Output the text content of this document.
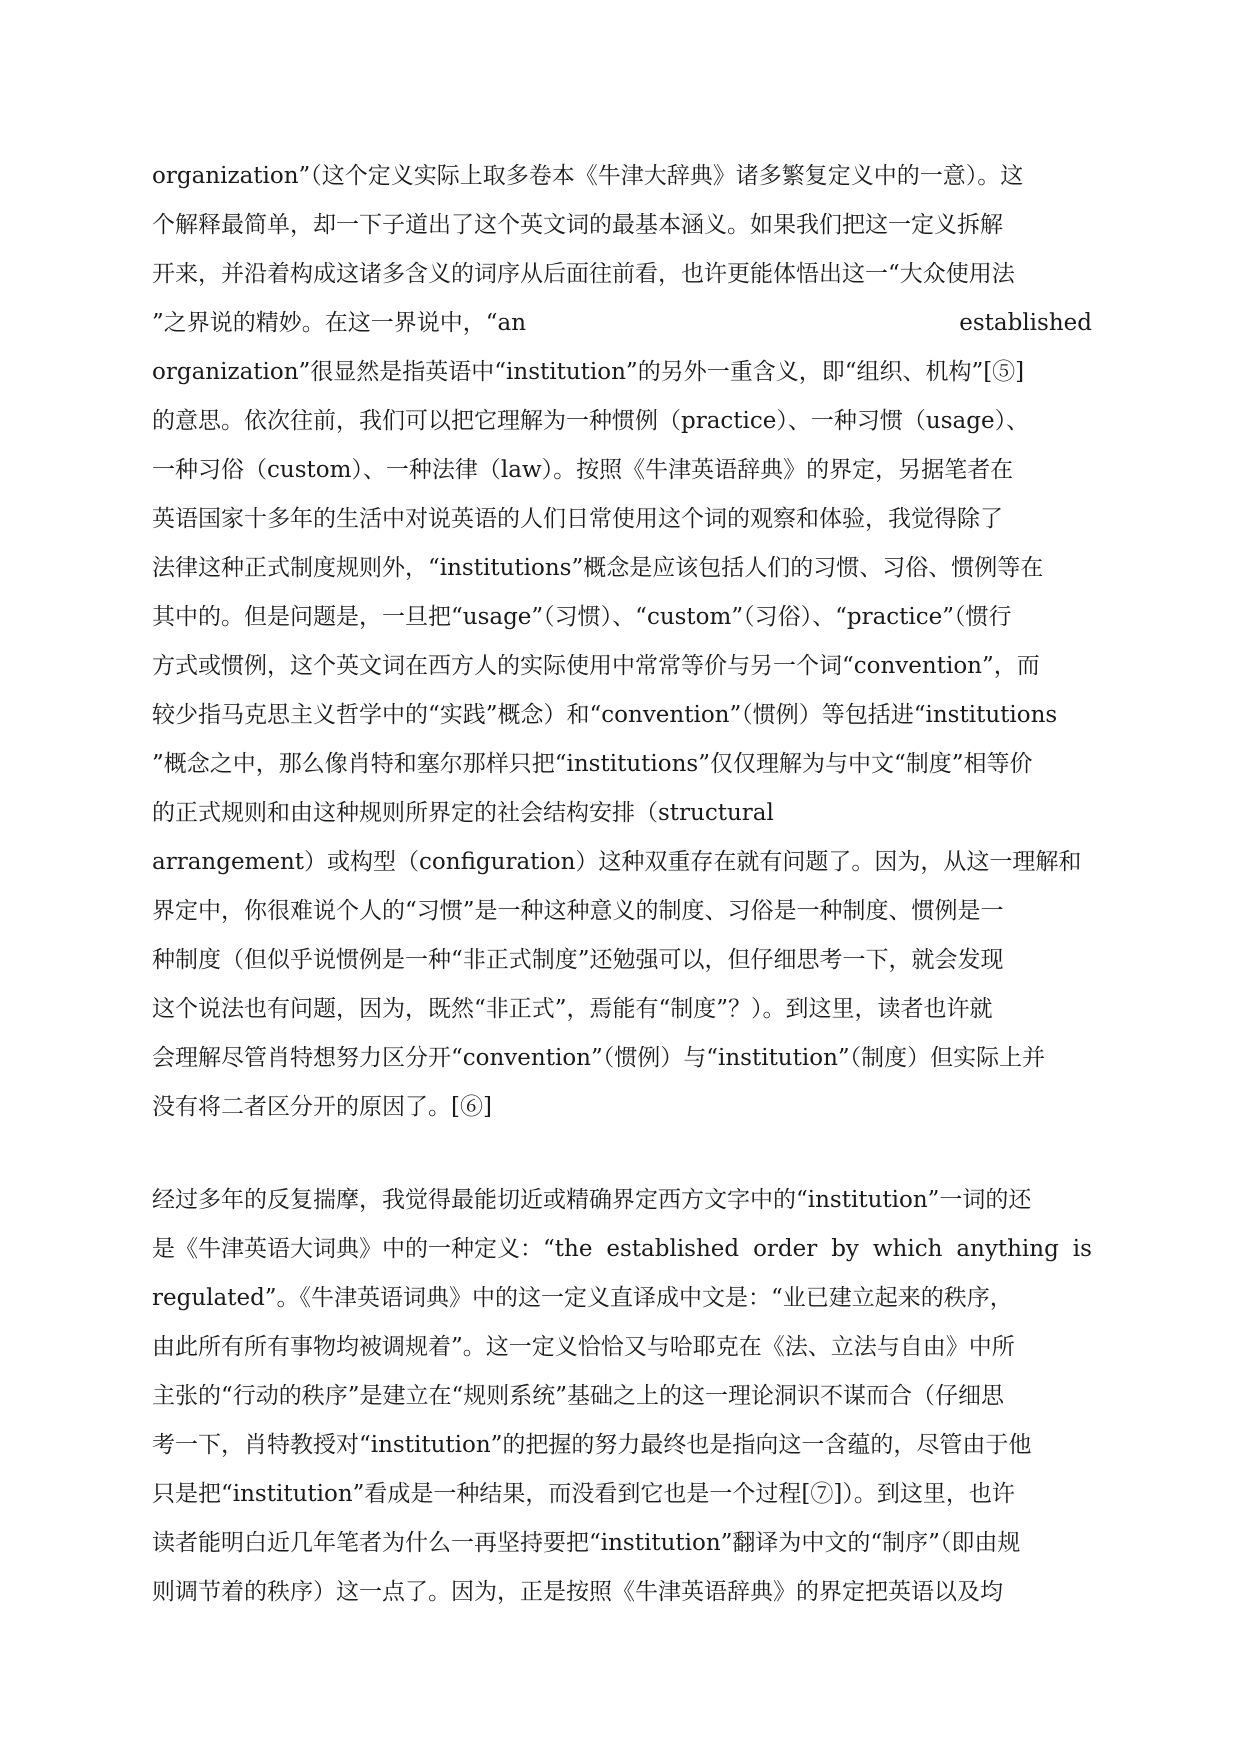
organization”（这个定义实际上取多卷本《牛津大辞典》诸多繁复定义中的一意）。这
个解释最简单，却一下子道出了这个英文词的最基本涵义。如果我们把这一定义拆解
开来，并沿着构成这诸多含义的词序从后面往前看，也许更能体悟出这一“大众使用法
”之界说的精妙。在这一界说中，“an	established
organization”很显然是指英语中“institution”的另外一重含义，即“组织、机构”[⑤]
的意思。依次往前，我们可以把它理解为一种惯例（practice）、一种习惯（usage）、
一种习俗（custom）、一种法律（law）。按照《牛津英语辞典》的界定，另据笔者在
英语国家十多年的生活中对说英语的人们日常使用这个词的观察和体验，我觉得除了
法律这种正式制度规则外，“institutions”概念是应该包括人们的习惯、习俗、惯例等在
其中的。但是问题是，一旦把“usage”（习惯）、“custom”（习俗）、“practice”（惯行
方式或惯例，这个英文词在西方人的实际使用中常常等价与另一个词“convention”，而
较少指马克思主义哲学中的“实践”概念）和“convention”（惯例）等包括进“institutions
”概念之中，那么像肖特和塞尔那样只把“institutions”仅仅理解为与中文“制度”相等价
的正式规则和由这种规则所界定的社会结构安排（structural
arrangement）或构型（configuration）这种双重存在就有问题了。因为，从这一理解和
界定中，你很难说个人的“习惯”是一种这种意义的制度、习俗是一种制度、惯例是一
种制度（但似乎说惯例是一种“非正式制度”还勉强可以，但仔细思考一下，就会发现
这个说法也有问题，因为，既然“非正式”，焉能有“制度”？）。到这里，读者也许就
会理解尽管肖特想努力区分开“convention”（惯例）与“institution”（制度）但实际上并
没有将二者区分开的原因了。[⑥]
经过多年的反复揣摩，我觉得最能切近或精确界定西方文字中的“institution”一词的还
是《牛津英语大词典》中的一种定义：“the established order by which anything is
regulated”。《牛津英语词典》中的这一定义直译成中文是：“业已建立起来的秩序，
由此所有所有事物均被调规着”。这一定义恰恰又与哈耶克在《法、立法与自由》中所
主张的“行动的秩序”是建立在“规则系统”基础之上的这一理论洞识不谋而合（仔细思
考一下，肖特教授对“institution”的把握的努力最终也是指向这一含蕴的，尽管由于他
只是把“institution”看成是一种结果，而没看到它也是一个过程[⑦]）。到这里，也许
读者能明白近几年笔者为什么一再坚持要把“institution”翻译为中文的“制序”（即由规
则调节着的秩序）这一点了。因为，正是按照《牛津英语辞典》的界定把英语以及均
